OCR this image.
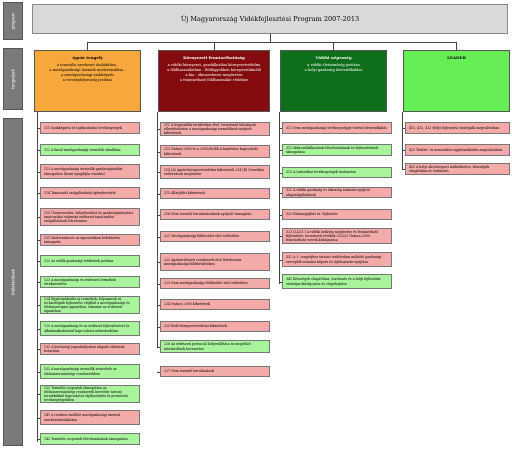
program
tengelyek
intézkedések
Új Magyarország Vidékfejlesztési Program 2007-2013
Agrár tengely
a tenurális szerkezet átalakítása ,
a mezőgazdasági üzemek modernizálása ,
a mezőgazdasági szakképzés
a versenyképesség javítása
Környezeti fenntarthatóság
a vidéki környezet, gazdálkodási környezetvédelmi
a földhasználatban : földügyekben környezetkímélő
a bio-, ökoszerkezet megőrzése
a fenntartható földhasználat védelme
Vidéki népesség
a vidéki életminőség javítása
a helyi gazdaság diverzifikálása
LEADER
111 Szakképzési és tájékoztatási tevékenységek
112 A fiatal mezőgazdasági termelők elindítása
113 A mezőgazdasági termelők gazdaságátadási támogatása (korai nyugdíjba vonulás)
114 Tanácsadó szolgáltatások igénybevétele
115 Üzemvezetési, helyettesítési és gazdaságirányítási tanácsadási valamint erdészeti tanácsadási szolgáltatások létrehozása
121 Modernizációs az ágazatokban befektetési támogatás
122 Az erdők gazdasági értékének javítása
123 A mezőgazdasági és erdészeti termékek értéknövelése
124 Együttműködés új termékek, folyamatok és technológiák fejlesztése céljából a mezőgazdasági és élelmiszeripari ágazatban, valamint az erdészeti ágazatban
125 A mezőgazdaság és az erdészet fejlesztésével és alkalmazkodásával kapcsolatos infrastruktúra
131 A közösségi jogszabályokon alapuló előírások betartása
132 A mezőgazdasági termelők részvétele az élelmiszerminőségi rendszerekben
133 Termelői csoportok támogatása az élelmiszerminőségi rendszerek keretébe tartozó termékekkel kapcsolatos tájékoztatási és promóciós tevékenységekben
141 A részben önellátó mezőgazdasági üzemek szerkezetátalakítása
142 Termelői csoportok létrehozásának támogatása
211 A hegyvidéki területeken lévő, természeti hátrányok ellentételezése a mezőgazdasági termelőknek nyújtott kifizetések
213 Natura 2000 és a 2000/60/EK irányelvhez kapcsolódó kifizetések
214 (A) Agrár-környezetvédelmi kifizetések 214 (B) Genetikai erőforrások megőrzése
215 Állatjóléti kifizetések
216 Nem termelő beruházásoknak nyújtott támogatás
221 Mezőgazdasági földterület első erdősítése
222 Agrárerdészeti rendszerek első létrehozása mezőgazdasági földterületeken
223 Nem mezőgazdasági földterület első erdősítése
224 Natura 2000 kifizetések
225 Erdő-környezetvédelmi kifizetések
226 Az erdészeti potenciál helyreállítása és megelőző intézkedések bevezetése
227 Nem termelő beruházások
311 Nem mezőgazdasági tevékenységgé történő diverzifikálás
312 Mikrovállalkozások létrehozásának és fejlesztésének támogatása
313 A turisztikai tevékenységek ösztönzése
321 A vidéki gazdaság és lakosság számára nyújtott alapszolgáltatások
322 Falumegújítás és -fejlesztés
323 (323/1.) A vidéki örökség megőrzése és fenntartható fejlesztése; természeti értékek (323/2) Natura 2000 fenntartható tervek kidolgozása
331 A 3. tengelyhez tartozó területeken működő gazdasági szereplők számára képzés és tájékoztatás nyújtása
341 Készségek elsajátítása, ösztönzés és a helyi fejlesztési stratégia kidolgozása és végrehajtása
411, 412, 413 Helyi fejlesztési stratégiák megvalósítása
421 Terület- és nemzetközi együttműködés megvalósítása
431 A helyi akciócsoport működtetése, készségek elsajátítása és ösztönzés
